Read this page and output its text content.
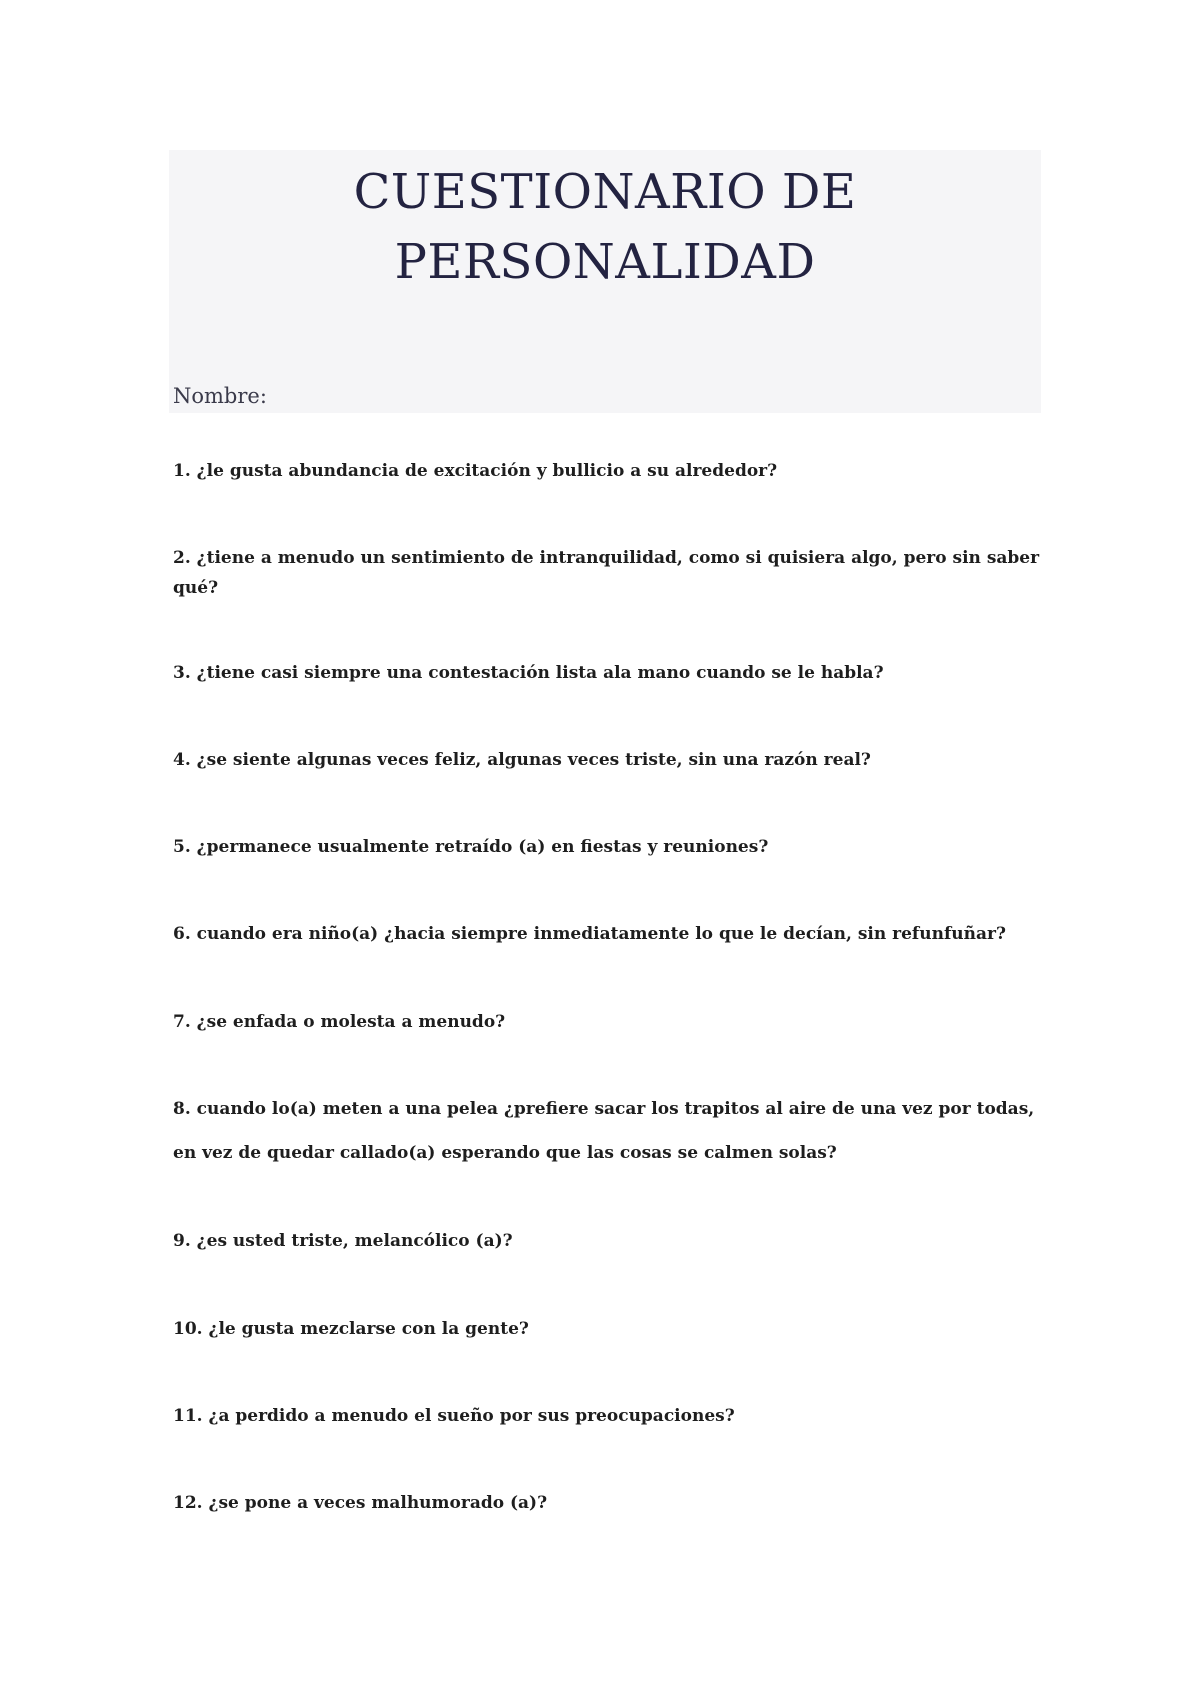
CUESTIONARIO DE
PERSONALIDAD
Nombre:
1. ¿le gusta abundancia de excitación y bullicio a su alrededor?
2. ¿tiene a menudo un sentimiento de intranquilidad, como si quisiera algo, pero sin saber qué?
3. ¿tiene casi siempre una contestación lista ala mano cuando se le habla?
4. ¿se siente algunas veces feliz, algunas veces triste, sin una razón real?
5. ¿permanece usualmente retraído (a) en fiestas y reuniones?
6. cuando era niño(a) ¿hacia siempre inmediatamente lo que le decían, sin refunfuñar?
7. ¿se enfada o molesta a menudo?
8. cuando lo(a) meten a una pelea ¿prefiere sacar los trapitos al aire de una vez por todas, en vez de quedar callado(a) esperando que las cosas se calmen solas?
9. ¿es usted triste, melancólico (a)?
10. ¿le gusta mezclarse con la gente?
11. ¿a perdido a menudo el sueño por sus preocupaciones?
12. ¿se pone a veces malhumorado (a)?
